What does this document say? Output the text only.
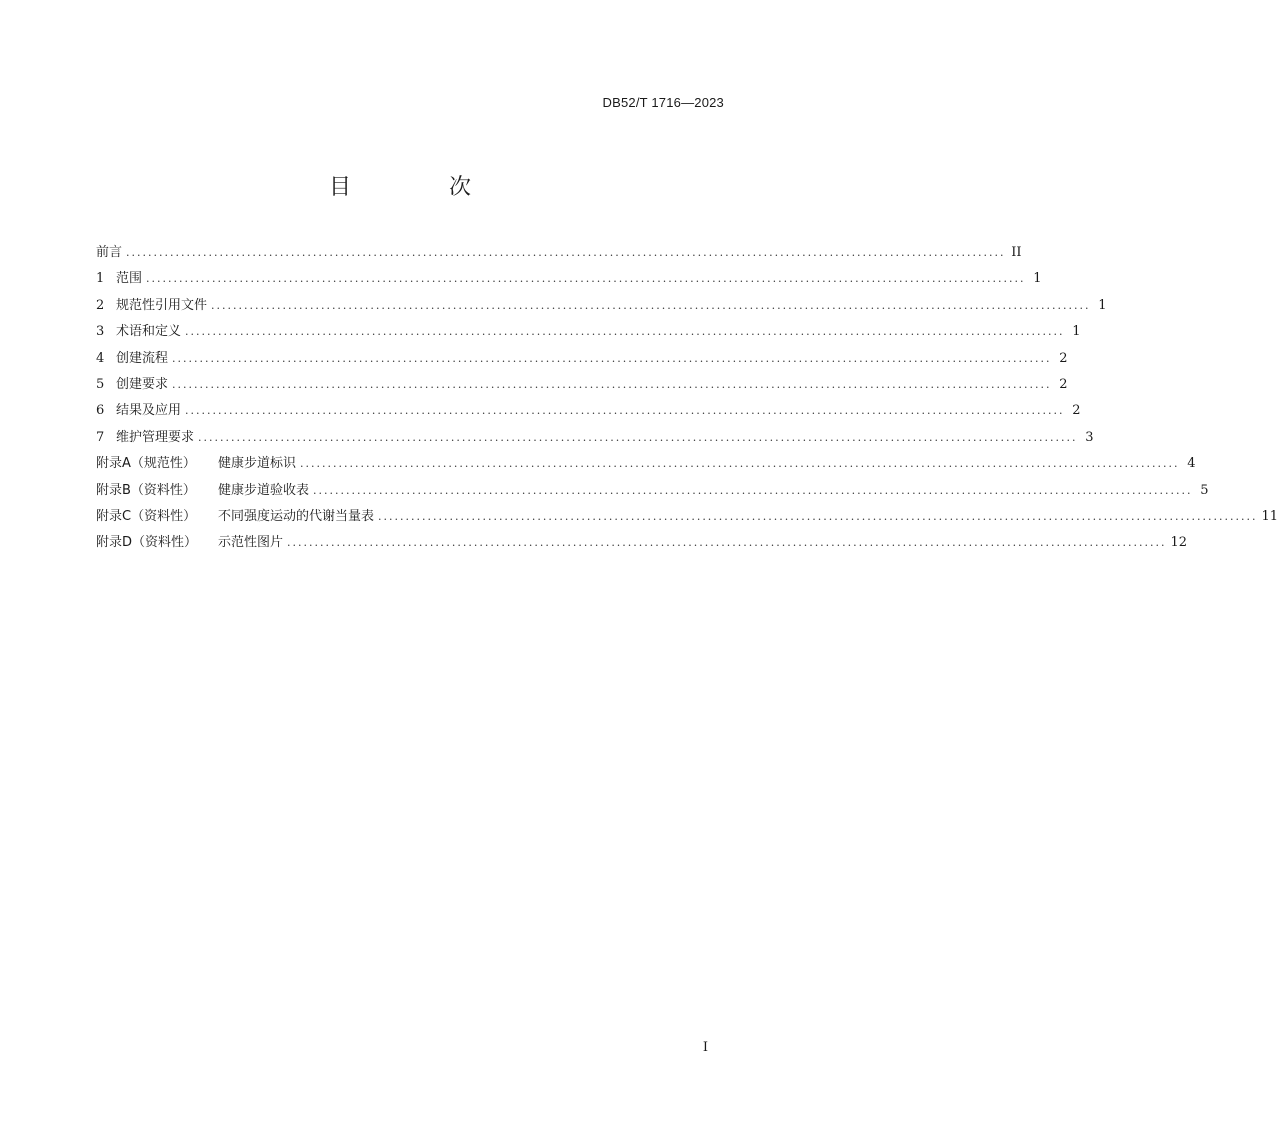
DB52/T 1716—2023
目　次
前言 ................................................................................................................................................................ II
1 范围 ................................................................................................................................................................ 1
2 规范性引用文件 ................................................................................................................................................................ 1
3 术语和定义 ................................................................................................................................................................ 1
4 创建流程 ................................................................................................................................................................ 2
5 创建要求 ................................................................................................................................................................ 2
6 结果及应用 ................................................................................................................................................................ 2
7 维护管理要求 ................................................................................................................................................................ 3
附录A（规范性） 健康步道标识 ................................................................................................................................................................ 4
附录B（资料性） 健康步道验收表 ................................................................................................................................................................ 5
附录C（资料性） 不同强度运动的代谢当量表 ................................................................................................................................................................ 11
附录D（资料性） 示范性图片 ................................................................................................................................................................ 12
I
